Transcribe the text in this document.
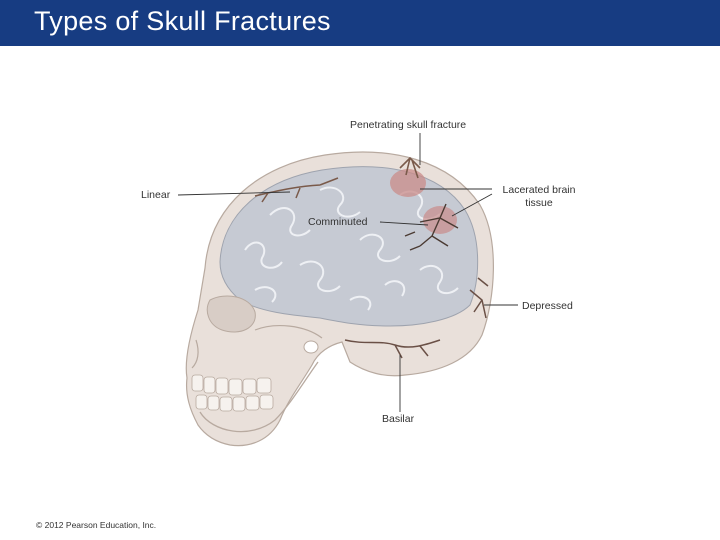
Types of Skull Fractures
Penetrating skull fracture
Linear	Lacerated brain
tissue
Comminuted
Depressed
Basilar
© 2012 Pearson Education, Inc.
